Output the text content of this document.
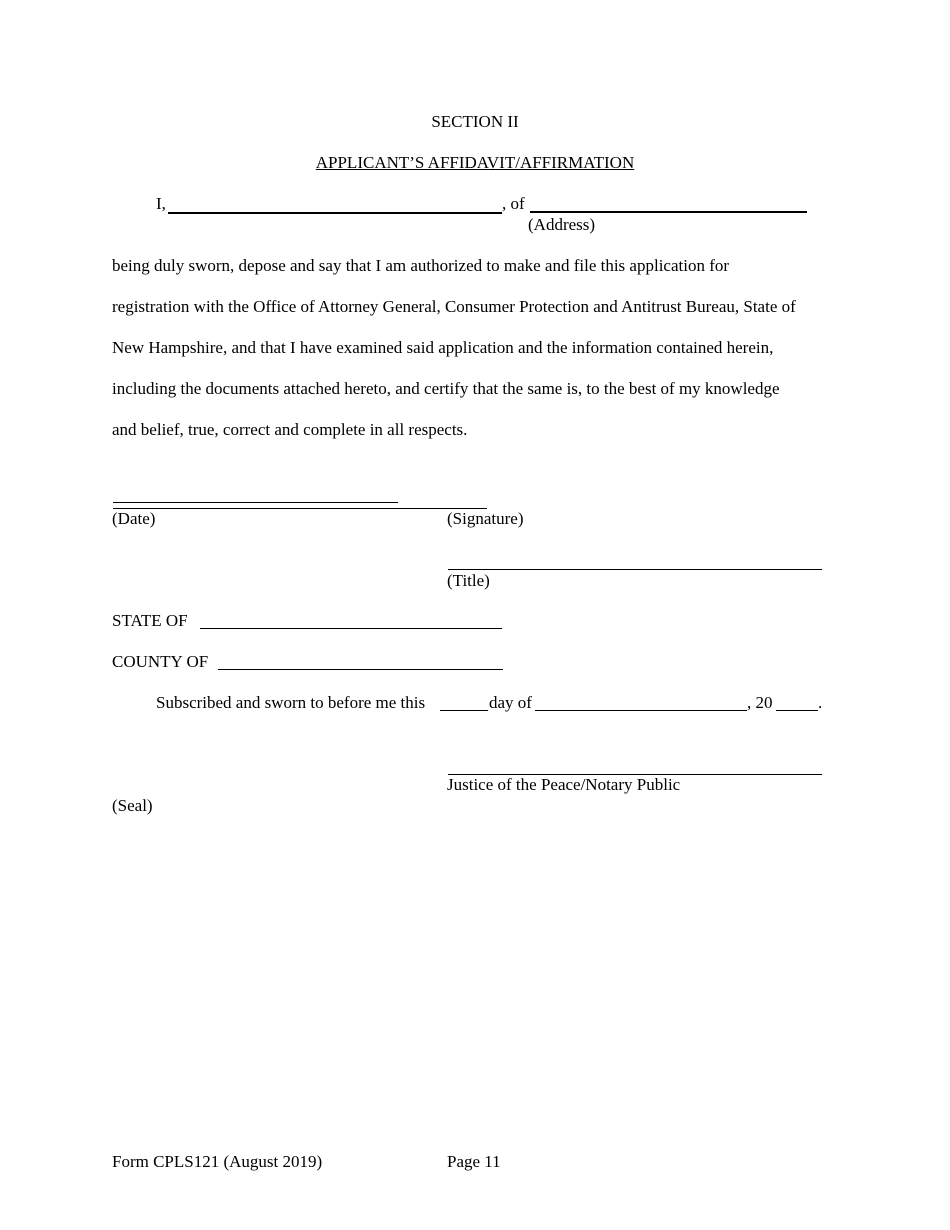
SECTION II
APPLICANT’S AFFIDAVIT/AFFIRMATION
I,	, of
(Address)
being duly sworn, depose and say that I am authorized to make and file this application for
registration with the Office of Attorney General, Consumer Protection and Antitrust Bureau, State of
New Hampshire, and that I have examined said application and the information contained herein,
including the documents attached hereto, and certify that the same is, to the best of my knowledge
and belief, true, correct and complete in all respects.
(Date)	(Signature)
(Title)
STATE OF
COUNTY OF
Subscribed and sworn to before me this	day of	, 20	.
Justice of the Peace/Notary Public
(Seal)
Form CPLS121 (August 2019)	Page 11
